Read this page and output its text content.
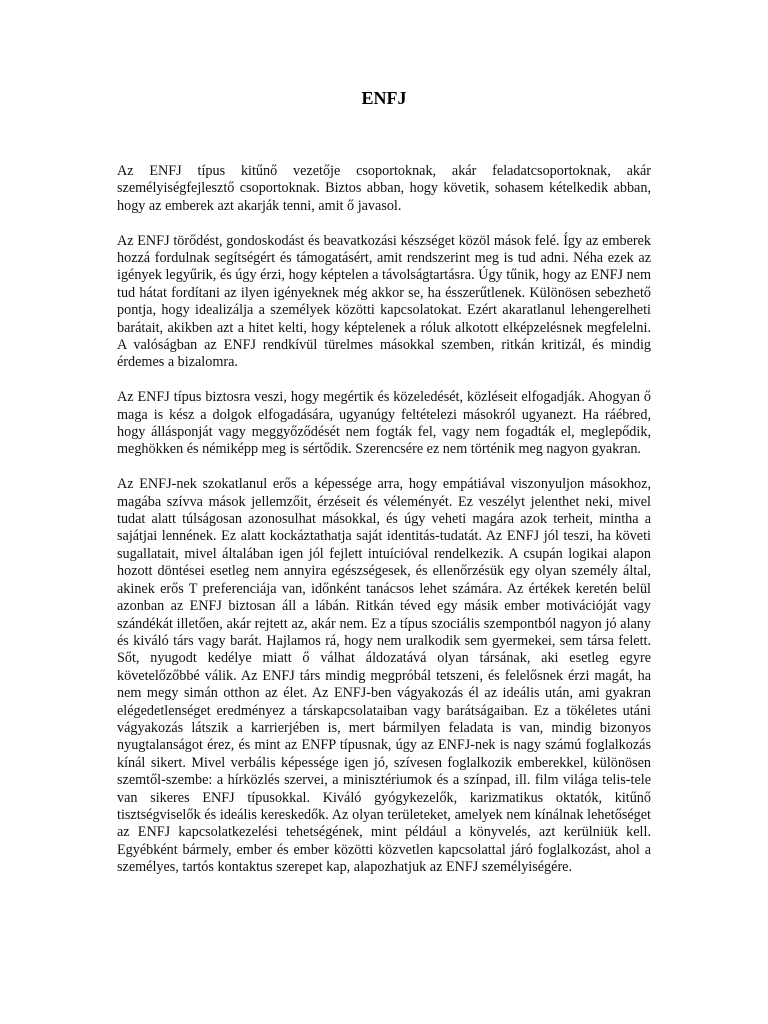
ENFJ

Az ENFJ típus kitűnő vezetője csoportoknak, akár feladatcsoportoknak, akár személyiségfejlesztő csoportoknak. Biztos abban, hogy követik, sohasem kételkedik abban, hogy az emberek azt akarják tenni, amit ő javasol.

Az ENFJ törődést, gondoskodást és beavatkozási készséget közöl mások felé. Így az emberek hozzá fordulnak segítségért és támogatásért, amit rendszerint meg is tud adni. Néha ezek az igények legyűrik, és úgy érzi, hogy képtelen a távolságtartásra. Úgy tűnik, hogy az ENFJ nem tud hátat fordítani az ilyen igényeknek még akkor se, ha ésszerűtlenek. Különösen sebezhető pontja, hogy idealizálja a személyek közötti kapcsolatokat. Ezért akaratlanul lehengerelheti barátait, akikben azt a hitet kelti, hogy képtelenek a róluk alkotott elképzelésnek megfelelni. A valóságban az ENFJ rendkívül türelmes másokkal szemben, ritkán kritizál, és mindig érdemes a bizalomra.

Az ENFJ típus biztosra veszi, hogy megértik és közeledését, közléseit elfogadják. Ahogyan ő maga is kész a dolgok elfogadására, ugyanúgy feltételezi másokról ugyanezt. Ha ráébred, hogy állásponját vagy meggyőződését nem fogták fel, vagy nem fogadták el, meglepődik, meghökken és némiképp meg is sértődik. Szerencsére ez nem történik meg nagyon gyakran.

Az ENFJ-nek szokatlanul erős a képessége arra, hogy empátiával viszonyuljon másokhoz, magába szívva mások jellemzőit, érzéseit és véleményét. Ez veszélyt jelenthet neki, mivel tudat alatt túlságosan azonosulhat másokkal, és úgy veheti magára azok terheit, mintha a sajátjai lennének. Ez alatt kockáztathatja saját identitás-tudatát. Az ENFJ jól teszi, ha követi sugallatait, mivel általában igen jól fejlett intuícióval rendelkezik. A csupán logikai alapon hozott döntései esetleg nem annyira egészségesek, és ellenőrzésük egy olyan személy által, akinek erős T preferenciája van, időnként tanácsos lehet számára. Az értékek keretén belül azonban az ENFJ biztosan áll a lábán. Ritkán téved egy másik ember motivációját vagy szándékát illetően, akár rejtett az, akár nem. Ez a típus szociális szempontból nagyon jó alany és kiváló társ vagy barát. Hajlamos rá, hogy nem uralkodik sem gyermekei, sem társa felett. Sőt, nyugodt kedélye miatt ő válhat áldozatává olyan társának, aki esetleg egyre követelőzőbbé válik. Az ENFJ társ mindig megpróbál tetszeni, és felelősnek érzi magát, ha nem megy simán otthon az élet. Az ENFJ-ben vágyakozás él az ideális után, ami gyakran elégedetlenséget eredményez a társkapcsolataiban vagy barátságaiban. Ez a tökéletes utáni vágyakozás látszik a karrierjében is, mert bármilyen feladata is van, mindig bizonyos nyugtalanságot érez, és mint az ENFP típusnak, úgy az ENFJ-nek is nagy számú foglalkozás kínál sikert. Mivel verbális képessége igen jó, szívesen foglalkozik emberekkel, különösen szemtől-szembe: a hírközlés szervei, a minisztériumok és a színpad, ill. film világa telis-tele van sikeres ENFJ típusokkal. Kiváló gyógykezelők, karizmatikus oktatók, kitűnő tisztségviselők és ideális kereskedők. Az olyan területeket, amelyek nem kínálnak lehetőséget az ENFJ kapcsolatkezelési tehetségének, mint például a könyvelés, azt kerülniük kell. Egyébként bármely, ember és ember közötti közvetlen kapcsolattal járó foglalkozást, ahol a személyes, tartós kontaktus szerepet kap, alapozhatjuk az ENFJ személyiségére.
